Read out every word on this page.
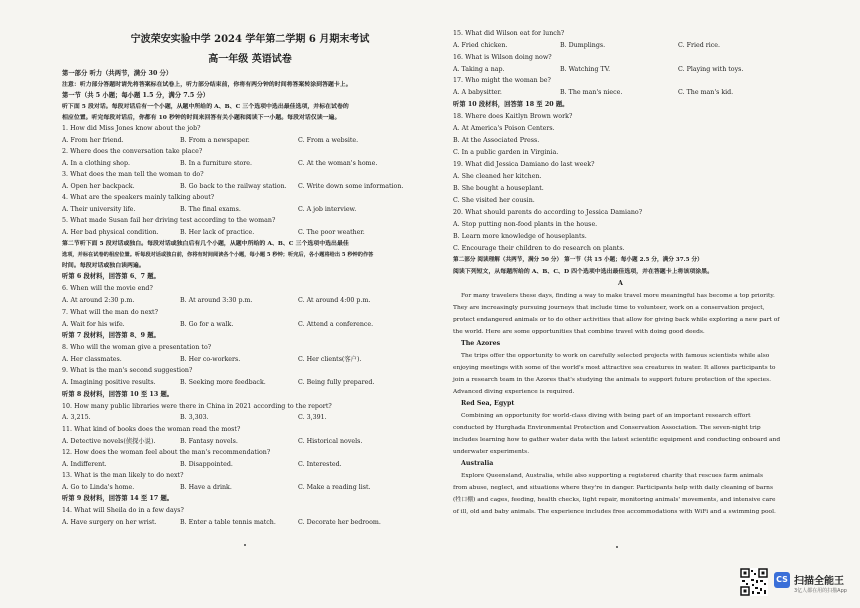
宁波荣安实验中学 2024 学年第二学期 6 月期末考试
高一年级 英语试卷
第一部分 听力（共两节，满分 30 分）
注意：听力部分答题时请先将答案标在试卷上，听力部分结束前，你将有两分钟的时间将答案转涂到答题卡上。
第一节（共 5 小题；每小题 1.5 分，满分 7.5 分）
听下面 5 段对话。每段对话后有一个小题，从题中所给的 A、B、C 三个选项中选出最佳选项，并标在试卷的
相应位置。听完每段对话后，你都有 10 秒钟的时间来回答有关小题和阅读下一小题。每段对话仅读一遍。
1. How did Miss Jones know about the job?
A. From her friend.	B. From a newspaper.	C. From a website.
2. Where does the conversation take place?
A. In a clothing shop.	B. In a furniture store.	C. At the woman's home.
3. What does the man tell the woman to do?
A. Open her backpack.	B. Go back to the railway station. C. Write down some information.
4. What are the speakers mainly talking about?
A. Their university life.	B. The final exams.	C. A job interview.
5. What made Susan fail her driving test according to the woman?
A. Her bad physical condition.	B. Her lack of practice.	C. The poor weather.
第二节听下面 5 段对话或独白。每段对话或独白后有几个小题，从题中所给的 A、B、C 三个选项中选出最佳
选项，并标在试卷的相应位置。听每段对话或独白前，你将有时间阅读各个小题，每小题 5 秒钟；听完后，各小题将给出 5 秒钟的作答
时间。每段对话或独白读两遍。
听第 6 段材料，回答第 6、7 题。
6. When will the movie end?
A. At around 2:30 p.m.	B. At around 3:30 p.m.	C. At around 4:00 p.m.
7. What will the man do next?
A. Wait for his wife.	B. Go for a walk.	C. Attend a conference.
听第 7 段材料，回答第 8、9 题。
8. Who will the woman give a presentation to?
A. Her classmates.	B. Her co-workers.	C. Her clients(客户).
9. What is the man's second suggestion?
A. Imagining positive results.	B. Seeking more feedback.	C. Being fully prepared.
听第 8 段材料，回答第 10 至 13 题。
10. How many public libraries were there in China in 2021 according to the report?
A. 3,215.	B. 3,303.	C. 3,391.
11. What kind of books does the woman read the most?
A. Detective novels(侦探小说).	B. Fantasy novels.	C. Historical novels.
12. How does the woman feel about the man's recommendation?
A. Indifferent.	B. Disappointed.	C. Interested.
13. What is the man likely to do next?
A. Go to Linda's home.	B. Have a drink.	C. Make a reading list.
听第 9 段材料，回答第 14 至 17 题。
14. What will Sheila do in a few days?
A. Have surgery on her wrist.	B. Enter a table tennis match.	C. Decorate her bedroom.
15. What did Wilson eat for lunch?
A. Fried chicken.	B. Dumplings.	C. Fried rice.
16. What is Wilson doing now?
A. Taking a nap.	B. Watching TV.	C. Playing with toys.
17. Who might the woman be?
A. A babysitter.	B. The man's niece.	C. The man's kid.
听第 10 段材料，回答第 18 至 20 题。
18. Where does Kaitlyn Brown work?
A. At America's Poison Centers.
B. At the Associated Press.
C. In a public garden in Virginia.
19. What did Jessica Damiano do last week?
A. She cleaned her kitchen.
B. She bought a houseplant.
C. She visited her cousin.
20. What should parents do according to Jessica Damiano?
A. Stop putting non-food plants in the house.
B. Learn more knowledge of houseplants.
C. Encourage their children to do research on plants.
第二部分 阅读理解（共两节，满分 50 分） 第一节（共 15 小题；每小题 2.5 分，满分 37.5 分）
阅读下列短文，从每题所给的 A、B、C、D 四个选项中选出最佳选项，并在答题卡上将该项涂黑。
A
For many travelers these days, finding a way to make travel more meaningful has become a top priority.
They are increasingly pursuing journeys that include time to volunteer, work on a conservation project,
protect endangered animals or to do other activities that allow for giving back while exploring a new part of
the world. Here are some opportunities that combine travel with doing good deeds.
The Azores
The trips offer the opportunity to work on carefully selected projects with famous scientists while also
enjoying meetings with some of the world's most attractive sea creatures in water. It allows participants to
join a research team in the Azores that's studying the animals to support future protection of the species.
Advanced diving experience is required.
Red Sea, Egypt
Combining an opportunity for world-class diving with being part of an important research effort
conducted by Hurghada Environmental Protection and Conservation Association. The seven-night trip
includes learning how to gather water data with the latest scientific equipment and conducting onboard and
underwater experiments.
Australia
Explore Queensland, Australia, while also supporting a registered charity that rescues farm animals
from abuse, neglect, and situations where they're in danger. Participants help with daily cleaning of barns
(牲口棚) and cages, feeding, health checks, light repair, monitoring animals' movements, and intensive care
of ill, old and baby animals. The experience includes free accommodations with WiFi and a swimming pool.
CS 扫描全能王
3亿人都在用的扫描App
